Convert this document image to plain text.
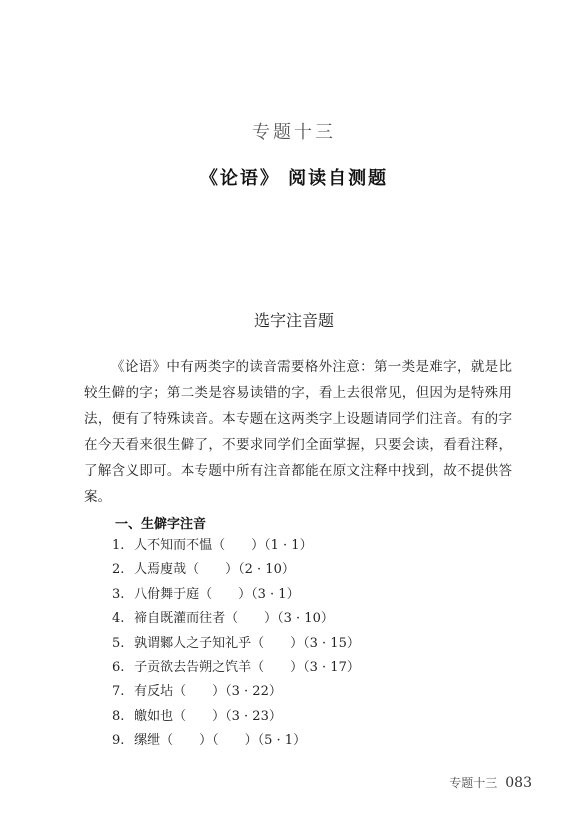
专题十三
《论语》 阅读自测题
选字注音题

《论语》中有两类字的读音需要格外注意：第一类是难字，就是比较生僻的字；第二类是容易读错的字，看上去很常见，但因为是特殊用法，便有了特殊读音。本专题在这两类字上设题请同学们注音。有的字在今天看来很生僻了，不要求同学们全面掌握，只要会读，看看注释，了解含义即可。本专题中所有注音都能在原文注释中找到，故不提供答案。

一、生僻字注音
1. 人不知而不愠（　　）（1 · 1）
2. 人焉廋哉（　　）（2 · 10）
3. 八佾舞于庭（　　）（3 · 1）
4. 禘自既灌而往者（　　）（3 · 10）
5. 孰谓鄹人之子知礼乎（　　）（3 · 15）
6. 子贡欲去告朔之饩羊（　　）（3 · 17）
7. 有反坫（　　）（3 · 22）
8. 皦如也（　　）（3 · 23）
9. 缧绁（　　）（　　）（5 · 1）
专题十三 083
